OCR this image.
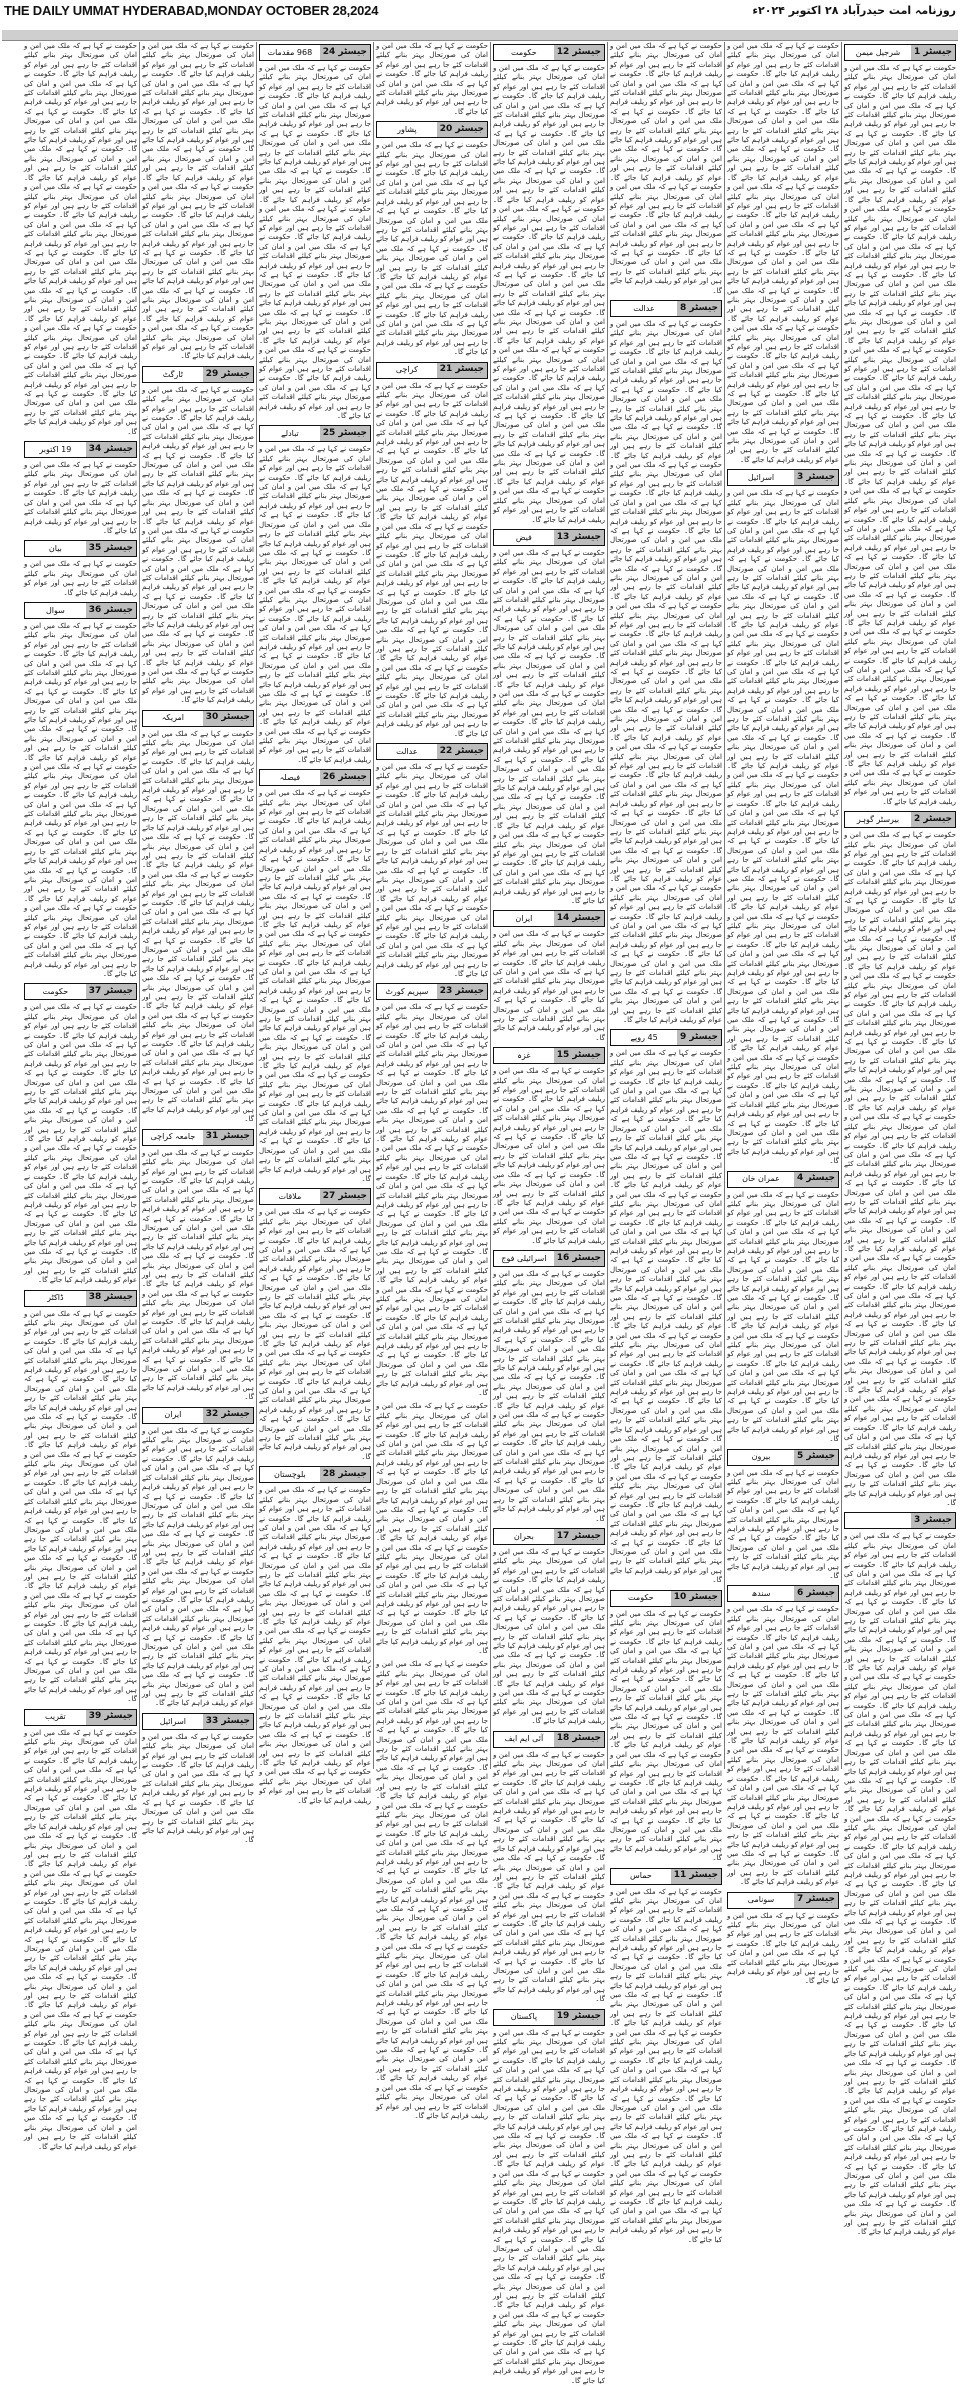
THE DAILY UMMAT HYDERABAD,MONDAY OCTOBER 28,2024	روزنامہ امت حیدرآباد ۲۸ اکتوبر ۲۰۲۴ء
جیسٹر 1
شرجیل میمن
حکومت نے کہا ہے کہ ملک میں امن و امان کی صورتحال بہتر بنانے کیلئے اقدامات کئے جا رہے ہیں اور عوام کو ریلیف فراہم کیا جائے گا۔ حکومت نے کہا ہے کہ ملک میں امن و امان کی صورتحال بہتر بنانے کیلئے اقدامات کئے جا رہے ہیں اور عوام کو ریلیف فراہم کیا جائے گا۔ حکومت نے کہا ہے کہ ملک میں امن و امان کی صورتحال بہتر بنانے کیلئے اقدامات کئے جا رہے ہیں اور عوام کو ریلیف فراہم کیا جائے گا۔ حکومت نے کہا ہے کہ ملک میں امن و امان کی صورتحال بہتر بنانے کیلئے اقدامات کئے جا رہے ہیں اور عوام کو ریلیف فراہم کیا جائے گا۔ حکومت نے کہا ہے کہ ملک میں امن و امان کی صورتحال بہتر بنانے کیلئے اقدامات کئے جا رہے ہیں اور عوام کو ریلیف فراہم کیا جائے گا۔ حکومت نے کہا ہے کہ ملک میں امن و امان کی صورتحال بہتر بنانے کیلئے اقدامات کئے جا رہے ہیں اور عوام کو ریلیف فراہم کیا جائے گا۔ حکومت نے کہا ہے کہ ملک میں امن و امان کی صورتحال بہتر بنانے کیلئے اقدامات کئے جا رہے ہیں اور عوام کو ریلیف فراہم کیا جائے گا۔ حکومت نے کہا ہے کہ ملک میں امن و امان کی صورتحال بہتر بنانے کیلئے اقدامات کئے جا رہے ہیں اور عوام کو ریلیف فراہم کیا جائے گا۔ حکومت نے کہا ہے کہ ملک میں امن و امان کی صورتحال بہتر بنانے کیلئے اقدامات کئے جا رہے ہیں اور عوام کو ریلیف فراہم کیا جائے گا۔ حکومت نے کہا ہے کہ ملک میں امن و امان کی صورتحال بہتر بنانے کیلئے اقدامات کئے جا رہے ہیں اور عوام کو ریلیف فراہم کیا جائے گا۔ حکومت نے کہا ہے کہ ملک میں امن و امان کی صورتحال بہتر بنانے کیلئے اقدامات کئے جا رہے ہیں اور عوام کو ریلیف فراہم کیا جائے گا۔ حکومت نے کہا ہے کہ ملک میں امن و امان کی صورتحال بہتر بنانے کیلئے اقدامات کئے جا رہے ہیں اور عوام کو ریلیف فراہم کیا جائے گا۔ حکومت نے کہا ہے کہ ملک میں امن و امان کی صورتحال بہتر بنانے کیلئے اقدامات کئے جا رہے ہیں اور عوام کو ریلیف فراہم کیا جائے گا۔ حکومت نے کہا ہے کہ ملک میں امن و امان کی صورتحال بہتر بنانے کیلئے اقدامات کئے جا رہے ہیں اور عوام کو ریلیف فراہم کیا جائے گا۔ حکومت نے کہا ہے کہ ملک میں امن و امان کی صورتحال بہتر بنانے کیلئے اقدامات کئے جا رہے ہیں اور عوام کو ریلیف فراہم کیا جائے گا۔ حکومت نے کہا ہے کہ ملک میں امن و امان کی صورتحال بہتر بنانے کیلئے اقدامات کئے جا رہے ہیں اور عوام کو ریلیف فراہم کیا جائے گا۔ حکومت نے کہا ہے کہ ملک میں امن و امان کی صورتحال بہتر بنانے کیلئے اقدامات کئے جا رہے ہیں اور عوام کو ریلیف فراہم کیا جائے گا۔ حکومت نے کہا ہے کہ ملک میں امن و امان کی صورتحال بہتر بنانے کیلئے اقدامات کئے جا رہے ہیں اور عوام کو ریلیف فراہم کیا جائے گا۔ حکومت نے کہا ہے کہ ملک میں امن و امان کی صورتحال بہتر بنانے کیلئے اقدامات کئے جا رہے ہیں اور عوام کو ریلیف فراہم کیا جائے گا۔ حکومت نے کہا ہے کہ ملک میں امن و امان کی صورتحال بہتر بنانے کیلئے اقدامات کئے جا رہے ہیں اور عوام کو ریلیف فراہم کیا جائے گا۔ حکومت نے کہا ہے کہ ملک میں امن و امان کی صورتحال بہتر بنانے کیلئے اقدامات کئے جا رہے ہیں اور عوام کو ریلیف فراہم کیا جائے گا۔
جیسٹر 2
بیرسٹر گوہر
حکومت نے کہا ہے کہ ملک میں امن و امان کی صورتحال بہتر بنانے کیلئے اقدامات کئے جا رہے ہیں اور عوام کو ریلیف فراہم کیا جائے گا۔ حکومت نے کہا ہے کہ ملک میں امن و امان کی صورتحال بہتر بنانے کیلئے اقدامات کئے جا رہے ہیں اور عوام کو ریلیف فراہم کیا جائے گا۔ حکومت نے کہا ہے کہ ملک میں امن و امان کی صورتحال بہتر بنانے کیلئے اقدامات کئے جا رہے ہیں اور عوام کو ریلیف فراہم کیا جائے گا۔ حکومت نے کہا ہے کہ ملک میں امن و امان کی صورتحال بہتر بنانے کیلئے اقدامات کئے جا رہے ہیں اور عوام کو ریلیف فراہم کیا جائے گا۔ حکومت نے کہا ہے کہ ملک میں امن و امان کی صورتحال بہتر بنانے کیلئے اقدامات کئے جا رہے ہیں اور عوام کو ریلیف فراہم کیا جائے گا۔ حکومت نے کہا ہے کہ ملک میں امن و امان کی صورتحال بہتر بنانے کیلئے اقدامات کئے جا رہے ہیں اور عوام کو ریلیف فراہم کیا جائے گا۔ حکومت نے کہا ہے کہ ملک میں امن و امان کی صورتحال بہتر بنانے کیلئے اقدامات کئے جا رہے ہیں اور عوام کو ریلیف فراہم کیا جائے گا۔ حکومت نے کہا ہے کہ ملک میں امن و امان کی صورتحال بہتر بنانے کیلئے اقدامات کئے جا رہے ہیں اور عوام کو ریلیف فراہم کیا جائے گا۔ حکومت نے کہا ہے کہ ملک میں امن و امان کی صورتحال بہتر بنانے کیلئے اقدامات کئے جا رہے ہیں اور عوام کو ریلیف فراہم کیا جائے گا۔ حکومت نے کہا ہے کہ ملک میں امن و امان کی صورتحال بہتر بنانے کیلئے اقدامات کئے جا رہے ہیں اور عوام کو ریلیف فراہم کیا جائے گا۔ حکومت نے کہا ہے کہ ملک میں امن و امان کی صورتحال بہتر بنانے کیلئے اقدامات کئے جا رہے ہیں اور عوام کو ریلیف فراہم کیا جائے گا۔ حکومت نے کہا ہے کہ ملک میں امن و امان کی صورتحال بہتر بنانے کیلئے اقدامات کئے جا رہے ہیں اور عوام کو ریلیف فراہم کیا جائے گا۔ حکومت نے کہا ہے کہ ملک میں امن و امان کی صورتحال بہتر بنانے کیلئے اقدامات کئے جا رہے ہیں اور عوام کو ریلیف فراہم کیا جائے گا۔ حکومت نے کہا ہے کہ ملک میں امن و امان کی صورتحال بہتر بنانے کیلئے اقدامات کئے جا رہے ہیں اور عوام کو ریلیف فراہم کیا جائے گا۔ حکومت نے کہا ہے کہ ملک میں امن و امان کی صورتحال بہتر بنانے کیلئے اقدامات کئے جا رہے ہیں اور عوام کو ریلیف فراہم کیا جائے گا۔ حکومت نے کہا ہے کہ ملک میں امن و امان کی صورتحال بہتر بنانے کیلئے اقدامات کئے جا رہے ہیں اور عوام کو ریلیف فراہم کیا جائے گا۔ حکومت نے کہا ہے کہ ملک میں امن و امان کی صورتحال بہتر بنانے کیلئے اقدامات کئے جا رہے ہیں اور عوام کو ریلیف فراہم کیا جائے گا۔ حکومت نے کہا ہے کہ ملک میں امن و امان کی صورتحال بہتر بنانے کیلئے اقدامات کئے جا رہے ہیں اور عوام کو ریلیف فراہم کیا جائے گا۔ حکومت نے کہا ہے کہ ملک میں امن و امان کی صورتحال بہتر بنانے کیلئے اقدامات کئے جا رہے ہیں اور عوام کو ریلیف فراہم کیا جائے گا۔
جیسٹر 3
حکومت نے کہا ہے کہ ملک میں امن و امان کی صورتحال بہتر بنانے کیلئے اقدامات کئے جا رہے ہیں اور عوام کو ریلیف فراہم کیا جائے گا۔ حکومت نے کہا ہے کہ ملک میں امن و امان کی صورتحال بہتر بنانے کیلئے اقدامات کئے جا رہے ہیں اور عوام کو ریلیف فراہم کیا جائے گا۔ حکومت نے کہا ہے کہ ملک میں امن و امان کی صورتحال بہتر بنانے کیلئے اقدامات کئے جا رہے ہیں اور عوام کو ریلیف فراہم کیا جائے گا۔ حکومت نے کہا ہے کہ ملک میں امن و امان کی صورتحال بہتر بنانے کیلئے اقدامات کئے جا رہے ہیں اور عوام کو ریلیف فراہم کیا جائے گا۔ حکومت نے کہا ہے کہ ملک میں امن و امان کی صورتحال بہتر بنانے کیلئے اقدامات کئے جا رہے ہیں اور عوام کو ریلیف فراہم کیا جائے گا۔ حکومت نے کہا ہے کہ ملک میں امن و امان کی صورتحال بہتر بنانے کیلئے اقدامات کئے جا رہے ہیں اور عوام کو ریلیف فراہم کیا جائے گا۔ حکومت نے کہا ہے کہ ملک میں امن و امان کی صورتحال بہتر بنانے کیلئے اقدامات کئے جا رہے ہیں اور عوام کو ریلیف فراہم کیا جائے گا۔ حکومت نے کہا ہے کہ ملک میں امن و امان کی صورتحال بہتر بنانے کیلئے اقدامات کئے جا رہے ہیں اور عوام کو ریلیف فراہم کیا جائے گا۔ حکومت نے کہا ہے کہ ملک میں امن و امان کی صورتحال بہتر بنانے کیلئے اقدامات کئے جا رہے ہیں اور عوام کو ریلیف فراہم کیا جائے گا۔ حکومت نے کہا ہے کہ ملک میں امن و امان کی صورتحال بہتر بنانے کیلئے اقدامات کئے جا رہے ہیں اور عوام کو ریلیف فراہم کیا جائے گا۔ حکومت نے کہا ہے کہ ملک میں امن و امان کی صورتحال بہتر بنانے کیلئے اقدامات کئے جا رہے ہیں اور عوام کو ریلیف فراہم کیا جائے گا۔ حکومت نے کہا ہے کہ ملک میں امن و امان کی صورتحال بہتر بنانے کیلئے اقدامات کئے جا رہے ہیں اور عوام کو ریلیف فراہم کیا جائے گا۔ حکومت نے کہا ہے کہ ملک میں امن و امان کی صورتحال بہتر بنانے کیلئے اقدامات کئے جا رہے ہیں اور عوام کو ریلیف فراہم کیا جائے گا۔ حکومت نے کہا ہے کہ ملک میں امن و امان کی صورتحال بہتر بنانے کیلئے اقدامات کئے جا رہے ہیں اور عوام کو ریلیف فراہم کیا جائے گا۔ حکومت نے کہا ہے کہ ملک میں امن و امان کی صورتحال بہتر بنانے کیلئے اقدامات کئے جا رہے ہیں اور عوام کو ریلیف فراہم کیا جائے گا۔ حکومت نے کہا ہے کہ ملک میں امن و امان کی صورتحال بہتر بنانے کیلئے اقدامات کئے جا رہے ہیں اور عوام کو ریلیف فراہم کیا جائے گا۔ حکومت نے کہا ہے کہ ملک میں امن و امان کی صورتحال بہتر بنانے کیلئے اقدامات کئے جا رہے ہیں اور عوام کو ریلیف فراہم کیا جائے گا۔ حکومت نے کہا ہے کہ ملک میں امن و امان کی صورتحال بہتر بنانے کیلئے اقدامات کئے جا رہے ہیں اور عوام کو ریلیف فراہم کیا جائے گا۔ حکومت نے کہا ہے کہ ملک میں امن و امان کی صورتحال بہتر بنانے کیلئے اقدامات کئے جا رہے ہیں اور عوام کو ریلیف فراہم کیا جائے گا۔ حکومت نے کہا ہے کہ ملک میں امن و امان کی صورتحال بہتر بنانے کیلئے اقدامات کئے جا رہے ہیں اور عوام کو ریلیف فراہم کیا جائے گا۔
حکومت نے کہا ہے کہ ملک میں امن و امان کی صورتحال بہتر بنانے کیلئے اقدامات کئے جا رہے ہیں اور عوام کو ریلیف فراہم کیا جائے گا۔ حکومت نے کہا ہے کہ ملک میں امن و امان کی صورتحال بہتر بنانے کیلئے اقدامات کئے جا رہے ہیں اور عوام کو ریلیف فراہم کیا جائے گا۔ حکومت نے کہا ہے کہ ملک میں امن و امان کی صورتحال بہتر بنانے کیلئے اقدامات کئے جا رہے ہیں اور عوام کو ریلیف فراہم کیا جائے گا۔ حکومت نے کہا ہے کہ ملک میں امن و امان کی صورتحال بہتر بنانے کیلئے اقدامات کئے جا رہے ہیں اور عوام کو ریلیف فراہم کیا جائے گا۔ حکومت نے کہا ہے کہ ملک میں امن و امان کی صورتحال بہتر بنانے کیلئے اقدامات کئے جا رہے ہیں اور عوام کو ریلیف فراہم کیا جائے گا۔ حکومت نے کہا ہے کہ ملک میں امن و امان کی صورتحال بہتر بنانے کیلئے اقدامات کئے جا رہے ہیں اور عوام کو ریلیف فراہم کیا جائے گا۔ حکومت نے کہا ہے کہ ملک میں امن و امان کی صورتحال بہتر بنانے کیلئے اقدامات کئے جا رہے ہیں اور عوام کو ریلیف فراہم کیا جائے گا۔ حکومت نے کہا ہے کہ ملک میں امن و امان کی صورتحال بہتر بنانے کیلئے اقدامات کئے جا رہے ہیں اور عوام کو ریلیف فراہم کیا جائے گا۔ حکومت نے کہا ہے کہ ملک میں امن و امان کی صورتحال بہتر بنانے کیلئے اقدامات کئے جا رہے ہیں اور عوام کو ریلیف فراہم کیا جائے گا۔ حکومت نے کہا ہے کہ ملک میں امن و امان کی صورتحال بہتر بنانے کیلئے اقدامات کئے جا رہے ہیں اور عوام کو ریلیف فراہم کیا جائے گا۔ حکومت نے کہا ہے کہ ملک میں امن و امان کی صورتحال بہتر بنانے کیلئے اقدامات کئے جا رہے ہیں اور عوام کو ریلیف فراہم کیا جائے گا۔ حکومت نے کہا ہے کہ ملک میں امن و امان کی صورتحال بہتر بنانے کیلئے اقدامات کئے جا رہے ہیں اور عوام کو ریلیف فراہم کیا جائے گا۔
جیسٹر 3
اسرائیل
حکومت نے کہا ہے کہ ملک میں امن و امان کی صورتحال بہتر بنانے کیلئے اقدامات کئے جا رہے ہیں اور عوام کو ریلیف فراہم کیا جائے گا۔ حکومت نے کہا ہے کہ ملک میں امن و امان کی صورتحال بہتر بنانے کیلئے اقدامات کئے جا رہے ہیں اور عوام کو ریلیف فراہم کیا جائے گا۔ حکومت نے کہا ہے کہ ملک میں امن و امان کی صورتحال بہتر بنانے کیلئے اقدامات کئے جا رہے ہیں اور عوام کو ریلیف فراہم کیا جائے گا۔ حکومت نے کہا ہے کہ ملک میں امن و امان کی صورتحال بہتر بنانے کیلئے اقدامات کئے جا رہے ہیں اور عوام کو ریلیف فراہم کیا جائے گا۔ حکومت نے کہا ہے کہ ملک میں امن و امان کی صورتحال بہتر بنانے کیلئے اقدامات کئے جا رہے ہیں اور عوام کو ریلیف فراہم کیا جائے گا۔ حکومت نے کہا ہے کہ ملک میں امن و امان کی صورتحال بہتر بنانے کیلئے اقدامات کئے جا رہے ہیں اور عوام کو ریلیف فراہم کیا جائے گا۔ حکومت نے کہا ہے کہ ملک میں امن و امان کی صورتحال بہتر بنانے کیلئے اقدامات کئے جا رہے ہیں اور عوام کو ریلیف فراہم کیا جائے گا۔ حکومت نے کہا ہے کہ ملک میں امن و امان کی صورتحال بہتر بنانے کیلئے اقدامات کئے جا رہے ہیں اور عوام کو ریلیف فراہم کیا جائے گا۔ حکومت نے کہا ہے کہ ملک میں امن و امان کی صورتحال بہتر بنانے کیلئے اقدامات کئے جا رہے ہیں اور عوام کو ریلیف فراہم کیا جائے گا۔ حکومت نے کہا ہے کہ ملک میں امن و امان کی صورتحال بہتر بنانے کیلئے اقدامات کئے جا رہے ہیں اور عوام کو ریلیف فراہم کیا جائے گا۔ حکومت نے کہا ہے کہ ملک میں امن و امان کی صورتحال بہتر بنانے کیلئے اقدامات کئے جا رہے ہیں اور عوام کو ریلیف فراہم کیا جائے گا۔ حکومت نے کہا ہے کہ ملک میں امن و امان کی صورتحال بہتر بنانے کیلئے اقدامات کئے جا رہے ہیں اور عوام کو ریلیف فراہم کیا جائے گا۔ حکومت نے کہا ہے کہ ملک میں امن و امان کی صورتحال بہتر بنانے کیلئے اقدامات کئے جا رہے ہیں اور عوام کو ریلیف فراہم کیا جائے گا۔ حکومت نے کہا ہے کہ ملک میں امن و امان کی صورتحال بہتر بنانے کیلئے اقدامات کئے جا رہے ہیں اور عوام کو ریلیف فراہم کیا جائے گا۔ حکومت نے کہا ہے کہ ملک میں امن و امان کی صورتحال بہتر بنانے کیلئے اقدامات کئے جا رہے ہیں اور عوام کو ریلیف فراہم کیا جائے گا۔ حکومت نے کہا ہے کہ ملک میں امن و امان کی صورتحال بہتر بنانے کیلئے اقدامات کئے جا رہے ہیں اور عوام کو ریلیف فراہم کیا جائے گا۔ حکومت نے کہا ہے کہ ملک میں امن و امان کی صورتحال بہتر بنانے کیلئے اقدامات کئے جا رہے ہیں اور عوام کو ریلیف فراہم کیا جائے گا۔ حکومت نے کہا ہے کہ ملک میں امن و امان کی صورتحال بہتر بنانے کیلئے اقدامات کئے جا رہے ہیں اور عوام کو ریلیف فراہم کیا جائے گا۔ حکومت نے کہا ہے کہ ملک میں امن و امان کی صورتحال بہتر بنانے کیلئے اقدامات کئے جا رہے ہیں اور عوام کو ریلیف فراہم کیا جائے گا۔
جیسٹر 4
عمران خان
حکومت نے کہا ہے کہ ملک میں امن و امان کی صورتحال بہتر بنانے کیلئے اقدامات کئے جا رہے ہیں اور عوام کو ریلیف فراہم کیا جائے گا۔ حکومت نے کہا ہے کہ ملک میں امن و امان کی صورتحال بہتر بنانے کیلئے اقدامات کئے جا رہے ہیں اور عوام کو ریلیف فراہم کیا جائے گا۔ حکومت نے کہا ہے کہ ملک میں امن و امان کی صورتحال بہتر بنانے کیلئے اقدامات کئے جا رہے ہیں اور عوام کو ریلیف فراہم کیا جائے گا۔ حکومت نے کہا ہے کہ ملک میں امن و امان کی صورتحال بہتر بنانے کیلئے اقدامات کئے جا رہے ہیں اور عوام کو ریلیف فراہم کیا جائے گا۔ حکومت نے کہا ہے کہ ملک میں امن و امان کی صورتحال بہتر بنانے کیلئے اقدامات کئے جا رہے ہیں اور عوام کو ریلیف فراہم کیا جائے گا۔ حکومت نے کہا ہے کہ ملک میں امن و امان کی صورتحال بہتر بنانے کیلئے اقدامات کئے جا رہے ہیں اور عوام کو ریلیف فراہم کیا جائے گا۔ حکومت نے کہا ہے کہ ملک میں امن و امان کی صورتحال بہتر بنانے کیلئے اقدامات کئے جا رہے ہیں اور عوام کو ریلیف فراہم کیا جائے گا۔
جیسٹر 5
بیرون
حکومت نے کہا ہے کہ ملک میں امن و امان کی صورتحال بہتر بنانے کیلئے اقدامات کئے جا رہے ہیں اور عوام کو ریلیف فراہم کیا جائے گا۔ حکومت نے کہا ہے کہ ملک میں امن و امان کی صورتحال بہتر بنانے کیلئے اقدامات کئے جا رہے ہیں اور عوام کو ریلیف فراہم کیا جائے گا۔ حکومت نے کہا ہے کہ ملک میں امن و امان کی صورتحال بہتر بنانے کیلئے اقدامات کئے جا رہے ہیں اور عوام کو ریلیف فراہم کیا جائے گا۔
جیسٹر 6
سندھ
حکومت نے کہا ہے کہ ملک میں امن و امان کی صورتحال بہتر بنانے کیلئے اقدامات کئے جا رہے ہیں اور عوام کو ریلیف فراہم کیا جائے گا۔ حکومت نے کہا ہے کہ ملک میں امن و امان کی صورتحال بہتر بنانے کیلئے اقدامات کئے جا رہے ہیں اور عوام کو ریلیف فراہم کیا جائے گا۔ حکومت نے کہا ہے کہ ملک میں امن و امان کی صورتحال بہتر بنانے کیلئے اقدامات کئے جا رہے ہیں اور عوام کو ریلیف فراہم کیا جائے گا۔ حکومت نے کہا ہے کہ ملک میں امن و امان کی صورتحال بہتر بنانے کیلئے اقدامات کئے جا رہے ہیں اور عوام کو ریلیف فراہم کیا جائے گا۔ حکومت نے کہا ہے کہ ملک میں امن و امان کی صورتحال بہتر بنانے کیلئے اقدامات کئے جا رہے ہیں اور عوام کو ریلیف فراہم کیا جائے گا۔ حکومت نے کہا ہے کہ ملک میں امن و امان کی صورتحال بہتر بنانے کیلئے اقدامات کئے جا رہے ہیں اور عوام کو ریلیف فراہم کیا جائے گا۔ حکومت نے کہا ہے کہ ملک میں امن و امان کی صورتحال بہتر بنانے کیلئے اقدامات کئے جا رہے ہیں اور عوام کو ریلیف فراہم کیا جائے گا۔ حکومت نے کہا ہے کہ ملک میں امن و امان کی صورتحال بہتر بنانے کیلئے اقدامات کئے جا رہے ہیں اور عوام کو ریلیف فراہم کیا جائے گا۔
جیسٹر 7
سونامی
حکومت نے کہا ہے کہ ملک میں امن و امان کی صورتحال بہتر بنانے کیلئے اقدامات کئے جا رہے ہیں اور عوام کو ریلیف فراہم کیا جائے گا۔ حکومت نے کہا ہے کہ ملک میں امن و امان کی صورتحال بہتر بنانے کیلئے اقدامات کئے جا رہے ہیں اور عوام کو ریلیف فراہم کیا جائے گا۔
حکومت نے کہا ہے کہ ملک میں امن و امان کی صورتحال بہتر بنانے کیلئے اقدامات کئے جا رہے ہیں اور عوام کو ریلیف فراہم کیا جائے گا۔ حکومت نے کہا ہے کہ ملک میں امن و امان کی صورتحال بہتر بنانے کیلئے اقدامات کئے جا رہے ہیں اور عوام کو ریلیف فراہم کیا جائے گا۔ حکومت نے کہا ہے کہ ملک میں امن و امان کی صورتحال بہتر بنانے کیلئے اقدامات کئے جا رہے ہیں اور عوام کو ریلیف فراہم کیا جائے گا۔ حکومت نے کہا ہے کہ ملک میں امن و امان کی صورتحال بہتر بنانے کیلئے اقدامات کئے جا رہے ہیں اور عوام کو ریلیف فراہم کیا جائے گا۔ حکومت نے کہا ہے کہ ملک میں امن و امان کی صورتحال بہتر بنانے کیلئے اقدامات کئے جا رہے ہیں اور عوام کو ریلیف فراہم کیا جائے گا۔ حکومت نے کہا ہے کہ ملک میں امن و امان کی صورتحال بہتر بنانے کیلئے اقدامات کئے جا رہے ہیں اور عوام کو ریلیف فراہم کیا جائے گا۔ حکومت نے کہا ہے کہ ملک میں امن و امان کی صورتحال بہتر بنانے کیلئے اقدامات کئے جا رہے ہیں اور عوام کو ریلیف فراہم کیا جائے گا۔
جیسٹر 8
عدالت
حکومت نے کہا ہے کہ ملک میں امن و امان کی صورتحال بہتر بنانے کیلئے اقدامات کئے جا رہے ہیں اور عوام کو ریلیف فراہم کیا جائے گا۔ حکومت نے کہا ہے کہ ملک میں امن و امان کی صورتحال بہتر بنانے کیلئے اقدامات کئے جا رہے ہیں اور عوام کو ریلیف فراہم کیا جائے گا۔ حکومت نے کہا ہے کہ ملک میں امن و امان کی صورتحال بہتر بنانے کیلئے اقدامات کئے جا رہے ہیں اور عوام کو ریلیف فراہم کیا جائے گا۔ حکومت نے کہا ہے کہ ملک میں امن و امان کی صورتحال بہتر بنانے کیلئے اقدامات کئے جا رہے ہیں اور عوام کو ریلیف فراہم کیا جائے گا۔ حکومت نے کہا ہے کہ ملک میں امن و امان کی صورتحال بہتر بنانے کیلئے اقدامات کئے جا رہے ہیں اور عوام کو ریلیف فراہم کیا جائے گا۔ حکومت نے کہا ہے کہ ملک میں امن و امان کی صورتحال بہتر بنانے کیلئے اقدامات کئے جا رہے ہیں اور عوام کو ریلیف فراہم کیا جائے گا۔ حکومت نے کہا ہے کہ ملک میں امن و امان کی صورتحال بہتر بنانے کیلئے اقدامات کئے جا رہے ہیں اور عوام کو ریلیف فراہم کیا جائے گا۔ حکومت نے کہا ہے کہ ملک میں امن و امان کی صورتحال بہتر بنانے کیلئے اقدامات کئے جا رہے ہیں اور عوام کو ریلیف فراہم کیا جائے گا۔ حکومت نے کہا ہے کہ ملک میں امن و امان کی صورتحال بہتر بنانے کیلئے اقدامات کئے جا رہے ہیں اور عوام کو ریلیف فراہم کیا جائے گا۔ حکومت نے کہا ہے کہ ملک میں امن و امان کی صورتحال بہتر بنانے کیلئے اقدامات کئے جا رہے ہیں اور عوام کو ریلیف فراہم کیا جائے گا۔ حکومت نے کہا ہے کہ ملک میں امن و امان کی صورتحال بہتر بنانے کیلئے اقدامات کئے جا رہے ہیں اور عوام کو ریلیف فراہم کیا جائے گا۔ حکومت نے کہا ہے کہ ملک میں امن و امان کی صورتحال بہتر بنانے کیلئے اقدامات کئے جا رہے ہیں اور عوام کو ریلیف فراہم کیا جائے گا۔ حکومت نے کہا ہے کہ ملک میں امن و امان کی صورتحال بہتر بنانے کیلئے اقدامات کئے جا رہے ہیں اور عوام کو ریلیف فراہم کیا جائے گا۔ حکومت نے کہا ہے کہ ملک میں امن و امان کی صورتحال بہتر بنانے کیلئے اقدامات کئے جا رہے ہیں اور عوام کو ریلیف فراہم کیا جائے گا۔ حکومت نے کہا ہے کہ ملک میں امن و امان کی صورتحال بہتر بنانے کیلئے اقدامات کئے جا رہے ہیں اور عوام کو ریلیف فراہم کیا جائے گا۔ حکومت نے کہا ہے کہ ملک میں امن و امان کی صورتحال بہتر بنانے کیلئے اقدامات کئے جا رہے ہیں اور عوام کو ریلیف فراہم کیا جائے گا۔ حکومت نے کہا ہے کہ ملک میں امن و امان کی صورتحال بہتر بنانے کیلئے اقدامات کئے جا رہے ہیں اور عوام کو ریلیف فراہم کیا جائے گا۔ حکومت نے کہا ہے کہ ملک میں امن و امان کی صورتحال بہتر بنانے کیلئے اقدامات کئے جا رہے ہیں اور عوام کو ریلیف فراہم کیا جائے گا۔ حکومت نے کہا ہے کہ ملک میں امن و امان کی صورتحال بہتر بنانے کیلئے اقدامات کئے جا رہے ہیں اور عوام کو ریلیف فراہم کیا جائے گا۔ حکومت نے کہا ہے کہ ملک میں امن و امان کی صورتحال بہتر بنانے کیلئے اقدامات کئے جا رہے ہیں اور عوام کو ریلیف فراہم کیا جائے گا۔
جیسٹر 9
45 روپے
حکومت نے کہا ہے کہ ملک میں امن و امان کی صورتحال بہتر بنانے کیلئے اقدامات کئے جا رہے ہیں اور عوام کو ریلیف فراہم کیا جائے گا۔ حکومت نے کہا ہے کہ ملک میں امن و امان کی صورتحال بہتر بنانے کیلئے اقدامات کئے جا رہے ہیں اور عوام کو ریلیف فراہم کیا جائے گا۔ حکومت نے کہا ہے کہ ملک میں امن و امان کی صورتحال بہتر بنانے کیلئے اقدامات کئے جا رہے ہیں اور عوام کو ریلیف فراہم کیا جائے گا۔ حکومت نے کہا ہے کہ ملک میں امن و امان کی صورتحال بہتر بنانے کیلئے اقدامات کئے جا رہے ہیں اور عوام کو ریلیف فراہم کیا جائے گا۔ حکومت نے کہا ہے کہ ملک میں امن و امان کی صورتحال بہتر بنانے کیلئے اقدامات کئے جا رہے ہیں اور عوام کو ریلیف فراہم کیا جائے گا۔ حکومت نے کہا ہے کہ ملک میں امن و امان کی صورتحال بہتر بنانے کیلئے اقدامات کئے جا رہے ہیں اور عوام کو ریلیف فراہم کیا جائے گا۔ حکومت نے کہا ہے کہ ملک میں امن و امان کی صورتحال بہتر بنانے کیلئے اقدامات کئے جا رہے ہیں اور عوام کو ریلیف فراہم کیا جائے گا۔ حکومت نے کہا ہے کہ ملک میں امن و امان کی صورتحال بہتر بنانے کیلئے اقدامات کئے جا رہے ہیں اور عوام کو ریلیف فراہم کیا جائے گا۔ حکومت نے کہا ہے کہ ملک میں امن و امان کی صورتحال بہتر بنانے کیلئے اقدامات کئے جا رہے ہیں اور عوام کو ریلیف فراہم کیا جائے گا۔ حکومت نے کہا ہے کہ ملک میں امن و امان کی صورتحال بہتر بنانے کیلئے اقدامات کئے جا رہے ہیں اور عوام کو ریلیف فراہم کیا جائے گا۔ حکومت نے کہا ہے کہ ملک میں امن و امان کی صورتحال بہتر بنانے کیلئے اقدامات کئے جا رہے ہیں اور عوام کو ریلیف فراہم کیا جائے گا۔ حکومت نے کہا ہے کہ ملک میں امن و امان کی صورتحال بہتر بنانے کیلئے اقدامات کئے جا رہے ہیں اور عوام کو ریلیف فراہم کیا جائے گا۔ حکومت نے کہا ہے کہ ملک میں امن و امان کی صورتحال بہتر بنانے کیلئے اقدامات کئے جا رہے ہیں اور عوام کو ریلیف فراہم کیا جائے گا۔ حکومت نے کہا ہے کہ ملک میں امن و امان کی صورتحال بہتر بنانے کیلئے اقدامات کئے جا رہے ہیں اور عوام کو ریلیف فراہم کیا جائے گا۔ حکومت نے کہا ہے کہ ملک میں امن و امان کی صورتحال بہتر بنانے کیلئے اقدامات کئے جا رہے ہیں اور عوام کو ریلیف فراہم کیا جائے گا۔
جیسٹر 10
حکومت
حکومت نے کہا ہے کہ ملک میں امن و امان کی صورتحال بہتر بنانے کیلئے اقدامات کئے جا رہے ہیں اور عوام کو ریلیف فراہم کیا جائے گا۔ حکومت نے کہا ہے کہ ملک میں امن و امان کی صورتحال بہتر بنانے کیلئے اقدامات کئے جا رہے ہیں اور عوام کو ریلیف فراہم کیا جائے گا۔ حکومت نے کہا ہے کہ ملک میں امن و امان کی صورتحال بہتر بنانے کیلئے اقدامات کئے جا رہے ہیں اور عوام کو ریلیف فراہم کیا جائے گا۔ حکومت نے کہا ہے کہ ملک میں امن و امان کی صورتحال بہتر بنانے کیلئے اقدامات کئے جا رہے ہیں اور عوام کو ریلیف فراہم کیا جائے گا۔ حکومت نے کہا ہے کہ ملک میں امن و امان کی صورتحال بہتر بنانے کیلئے اقدامات کئے جا رہے ہیں اور عوام کو ریلیف فراہم کیا جائے گا۔ حکومت نے کہا ہے کہ ملک میں امن و امان کی صورتحال بہتر بنانے کیلئے اقدامات کئے جا رہے ہیں اور عوام کو ریلیف فراہم کیا جائے گا۔ حکومت نے کہا ہے کہ ملک میں امن و امان کی صورتحال بہتر بنانے کیلئے اقدامات کئے جا رہے ہیں اور عوام کو ریلیف فراہم کیا جائے گا۔
جیسٹر 11
حماس
حکومت نے کہا ہے کہ ملک میں امن و امان کی صورتحال بہتر بنانے کیلئے اقدامات کئے جا رہے ہیں اور عوام کو ریلیف فراہم کیا جائے گا۔ حکومت نے کہا ہے کہ ملک میں امن و امان کی صورتحال بہتر بنانے کیلئے اقدامات کئے جا رہے ہیں اور عوام کو ریلیف فراہم کیا جائے گا۔ حکومت نے کہا ہے کہ ملک میں امن و امان کی صورتحال بہتر بنانے کیلئے اقدامات کئے جا رہے ہیں اور عوام کو ریلیف فراہم کیا جائے گا۔ حکومت نے کہا ہے کہ ملک میں امن و امان کی صورتحال بہتر بنانے کیلئے اقدامات کئے جا رہے ہیں اور عوام کو ریلیف فراہم کیا جائے گا۔ حکومت نے کہا ہے کہ ملک میں امن و امان کی صورتحال بہتر بنانے کیلئے اقدامات کئے جا رہے ہیں اور عوام کو ریلیف فراہم کیا جائے گا۔ حکومت نے کہا ہے کہ ملک میں امن و امان کی صورتحال بہتر بنانے کیلئے اقدامات کئے جا رہے ہیں اور عوام کو ریلیف فراہم کیا جائے گا۔ حکومت نے کہا ہے کہ ملک میں امن و امان کی صورتحال بہتر بنانے کیلئے اقدامات کئے جا رہے ہیں اور عوام کو ریلیف فراہم کیا جائے گا۔ حکومت نے کہا ہے کہ ملک میں امن و امان کی صورتحال بہتر بنانے کیلئے اقدامات کئے جا رہے ہیں اور عوام کو ریلیف فراہم کیا جائے گا۔ حکومت نے کہا ہے کہ ملک میں امن و امان کی صورتحال بہتر بنانے کیلئے اقدامات کئے جا رہے ہیں اور عوام کو ریلیف فراہم کیا جائے گا۔ حکومت نے کہا ہے کہ ملک میں امن و امان کی صورتحال بہتر بنانے کیلئے اقدامات کئے جا رہے ہیں اور عوام کو ریلیف فراہم کیا جائے گا۔
جیسٹر 12
حکومت
حکومت نے کہا ہے کہ ملک میں امن و امان کی صورتحال بہتر بنانے کیلئے اقدامات کئے جا رہے ہیں اور عوام کو ریلیف فراہم کیا جائے گا۔ حکومت نے کہا ہے کہ ملک میں امن و امان کی صورتحال بہتر بنانے کیلئے اقدامات کئے جا رہے ہیں اور عوام کو ریلیف فراہم کیا جائے گا۔ حکومت نے کہا ہے کہ ملک میں امن و امان کی صورتحال بہتر بنانے کیلئے اقدامات کئے جا رہے ہیں اور عوام کو ریلیف فراہم کیا جائے گا۔ حکومت نے کہا ہے کہ ملک میں امن و امان کی صورتحال بہتر بنانے کیلئے اقدامات کئے جا رہے ہیں اور عوام کو ریلیف فراہم کیا جائے گا۔ حکومت نے کہا ہے کہ ملک میں امن و امان کی صورتحال بہتر بنانے کیلئے اقدامات کئے جا رہے ہیں اور عوام کو ریلیف فراہم کیا جائے گا۔ حکومت نے کہا ہے کہ ملک میں امن و امان کی صورتحال بہتر بنانے کیلئے اقدامات کئے جا رہے ہیں اور عوام کو ریلیف فراہم کیا جائے گا۔ حکومت نے کہا ہے کہ ملک میں امن و امان کی صورتحال بہتر بنانے کیلئے اقدامات کئے جا رہے ہیں اور عوام کو ریلیف فراہم کیا جائے گا۔ حکومت نے کہا ہے کہ ملک میں امن و امان کی صورتحال بہتر بنانے کیلئے اقدامات کئے جا رہے ہیں اور عوام کو ریلیف فراہم کیا جائے گا۔ حکومت نے کہا ہے کہ ملک میں امن و امان کی صورتحال بہتر بنانے کیلئے اقدامات کئے جا رہے ہیں اور عوام کو ریلیف فراہم کیا جائے گا۔ حکومت نے کہا ہے کہ ملک میں امن و امان کی صورتحال بہتر بنانے کیلئے اقدامات کئے جا رہے ہیں اور عوام کو ریلیف فراہم کیا جائے گا۔ حکومت نے کہا ہے کہ ملک میں امن و امان کی صورتحال بہتر بنانے کیلئے اقدامات کئے جا رہے ہیں اور عوام کو ریلیف فراہم کیا جائے گا۔ حکومت نے کہا ہے کہ ملک میں امن و امان کی صورتحال بہتر بنانے کیلئے اقدامات کئے جا رہے ہیں اور عوام کو ریلیف فراہم کیا جائے گا۔ حکومت نے کہا ہے کہ ملک میں امن و امان کی صورتحال بہتر بنانے کیلئے اقدامات کئے جا رہے ہیں اور عوام کو ریلیف فراہم کیا جائے گا۔
جیسٹر 13
فیض
حکومت نے کہا ہے کہ ملک میں امن و امان کی صورتحال بہتر بنانے کیلئے اقدامات کئے جا رہے ہیں اور عوام کو ریلیف فراہم کیا جائے گا۔ حکومت نے کہا ہے کہ ملک میں امن و امان کی صورتحال بہتر بنانے کیلئے اقدامات کئے جا رہے ہیں اور عوام کو ریلیف فراہم کیا جائے گا۔ حکومت نے کہا ہے کہ ملک میں امن و امان کی صورتحال بہتر بنانے کیلئے اقدامات کئے جا رہے ہیں اور عوام کو ریلیف فراہم کیا جائے گا۔ حکومت نے کہا ہے کہ ملک میں امن و امان کی صورتحال بہتر بنانے کیلئے اقدامات کئے جا رہے ہیں اور عوام کو ریلیف فراہم کیا جائے گا۔ حکومت نے کہا ہے کہ ملک میں امن و امان کی صورتحال بہتر بنانے کیلئے اقدامات کئے جا رہے ہیں اور عوام کو ریلیف فراہم کیا جائے گا۔ حکومت نے کہا ہے کہ ملک میں امن و امان کی صورتحال بہتر بنانے کیلئے اقدامات کئے جا رہے ہیں اور عوام کو ریلیف فراہم کیا جائے گا۔ حکومت نے کہا ہے کہ ملک میں امن و امان کی صورتحال بہتر بنانے کیلئے اقدامات کئے جا رہے ہیں اور عوام کو ریلیف فراہم کیا جائے گا۔ حکومت نے کہا ہے کہ ملک میں امن و امان کی صورتحال بہتر بنانے کیلئے اقدامات کئے جا رہے ہیں اور عوام کو ریلیف فراہم کیا جائے گا۔ حکومت نے کہا ہے کہ ملک میں امن و امان کی صورتحال بہتر بنانے کیلئے اقدامات کئے جا رہے ہیں اور عوام کو ریلیف فراہم کیا جائے گا۔ حکومت نے کہا ہے کہ ملک میں امن و امان کی صورتحال بہتر بنانے کیلئے اقدامات کئے جا رہے ہیں اور عوام کو ریلیف فراہم کیا جائے گا۔
جیسٹر 14
ایران
حکومت نے کہا ہے کہ ملک میں امن و امان کی صورتحال بہتر بنانے کیلئے اقدامات کئے جا رہے ہیں اور عوام کو ریلیف فراہم کیا جائے گا۔ حکومت نے کہا ہے کہ ملک میں امن و امان کی صورتحال بہتر بنانے کیلئے اقدامات کئے جا رہے ہیں اور عوام کو ریلیف فراہم کیا جائے گا۔ حکومت نے کہا ہے کہ ملک میں امن و امان کی صورتحال بہتر بنانے کیلئے اقدامات کئے جا رہے ہیں اور عوام کو ریلیف فراہم کیا جائے گا۔
جیسٹر 15
غزہ
حکومت نے کہا ہے کہ ملک میں امن و امان کی صورتحال بہتر بنانے کیلئے اقدامات کئے جا رہے ہیں اور عوام کو ریلیف فراہم کیا جائے گا۔ حکومت نے کہا ہے کہ ملک میں امن و امان کی صورتحال بہتر بنانے کیلئے اقدامات کئے جا رہے ہیں اور عوام کو ریلیف فراہم کیا جائے گا۔ حکومت نے کہا ہے کہ ملک میں امن و امان کی صورتحال بہتر بنانے کیلئے اقدامات کئے جا رہے ہیں اور عوام کو ریلیف فراہم کیا جائے گا۔ حکومت نے کہا ہے کہ ملک میں امن و امان کی صورتحال بہتر بنانے کیلئے اقدامات کئے جا رہے ہیں اور عوام کو ریلیف فراہم کیا جائے گا۔ حکومت نے کہا ہے کہ ملک میں امن و امان کی صورتحال بہتر بنانے کیلئے اقدامات کئے جا رہے ہیں اور عوام کو ریلیف فراہم کیا جائے گا۔
جیسٹر 16
اسرائیلی فوج
حکومت نے کہا ہے کہ ملک میں امن و امان کی صورتحال بہتر بنانے کیلئے اقدامات کئے جا رہے ہیں اور عوام کو ریلیف فراہم کیا جائے گا۔ حکومت نے کہا ہے کہ ملک میں امن و امان کی صورتحال بہتر بنانے کیلئے اقدامات کئے جا رہے ہیں اور عوام کو ریلیف فراہم کیا جائے گا۔ حکومت نے کہا ہے کہ ملک میں امن و امان کی صورتحال بہتر بنانے کیلئے اقدامات کئے جا رہے ہیں اور عوام کو ریلیف فراہم کیا جائے گا۔ حکومت نے کہا ہے کہ ملک میں امن و امان کی صورتحال بہتر بنانے کیلئے اقدامات کئے جا رہے ہیں اور عوام کو ریلیف فراہم کیا جائے گا۔ حکومت نے کہا ہے کہ ملک میں امن و امان کی صورتحال بہتر بنانے کیلئے اقدامات کئے جا رہے ہیں اور عوام کو ریلیف فراہم کیا جائے گا۔ حکومت نے کہا ہے کہ ملک میں امن و امان کی صورتحال بہتر بنانے کیلئے اقدامات کئے جا رہے ہیں اور عوام کو ریلیف فراہم کیا جائے گا۔ حکومت نے کہا ہے کہ ملک میں امن و امان کی صورتحال بہتر بنانے کیلئے اقدامات کئے جا رہے ہیں اور عوام کو ریلیف فراہم کیا جائے گا۔
جیسٹر 17
بحران
حکومت نے کہا ہے کہ ملک میں امن و امان کی صورتحال بہتر بنانے کیلئے اقدامات کئے جا رہے ہیں اور عوام کو ریلیف فراہم کیا جائے گا۔ حکومت نے کہا ہے کہ ملک میں امن و امان کی صورتحال بہتر بنانے کیلئے اقدامات کئے جا رہے ہیں اور عوام کو ریلیف فراہم کیا جائے گا۔ حکومت نے کہا ہے کہ ملک میں امن و امان کی صورتحال بہتر بنانے کیلئے اقدامات کئے جا رہے ہیں اور عوام کو ریلیف فراہم کیا جائے گا۔ حکومت نے کہا ہے کہ ملک میں امن و امان کی صورتحال بہتر بنانے کیلئے اقدامات کئے جا رہے ہیں اور عوام کو ریلیف فراہم کیا جائے گا۔ حکومت نے کہا ہے کہ ملک میں امن و امان کی صورتحال بہتر بنانے کیلئے اقدامات کئے جا رہے ہیں اور عوام کو ریلیف فراہم کیا جائے گا۔
جیسٹر 18
آئی ایم ایف
حکومت نے کہا ہے کہ ملک میں امن و امان کی صورتحال بہتر بنانے کیلئے اقدامات کئے جا رہے ہیں اور عوام کو ریلیف فراہم کیا جائے گا۔ حکومت نے کہا ہے کہ ملک میں امن و امان کی صورتحال بہتر بنانے کیلئے اقدامات کئے جا رہے ہیں اور عوام کو ریلیف فراہم کیا جائے گا۔ حکومت نے کہا ہے کہ ملک میں امن و امان کی صورتحال بہتر بنانے کیلئے اقدامات کئے جا رہے ہیں اور عوام کو ریلیف فراہم کیا جائے گا۔ حکومت نے کہا ہے کہ ملک میں امن و امان کی صورتحال بہتر بنانے کیلئے اقدامات کئے جا رہے ہیں اور عوام کو ریلیف فراہم کیا جائے گا۔ حکومت نے کہا ہے کہ ملک میں امن و امان کی صورتحال بہتر بنانے کیلئے اقدامات کئے جا رہے ہیں اور عوام کو ریلیف فراہم کیا جائے گا۔ حکومت نے کہا ہے کہ ملک میں امن و امان کی صورتحال بہتر بنانے کیلئے اقدامات کئے جا رہے ہیں اور عوام کو ریلیف فراہم کیا جائے گا۔ حکومت نے کہا ہے کہ ملک میں امن و امان کی صورتحال بہتر بنانے کیلئے اقدامات کئے جا رہے ہیں اور عوام کو ریلیف فراہم کیا جائے گا۔
جیسٹر 19
پاکستان
حکومت نے کہا ہے کہ ملک میں امن و امان کی صورتحال بہتر بنانے کیلئے اقدامات کئے جا رہے ہیں اور عوام کو ریلیف فراہم کیا جائے گا۔ حکومت نے کہا ہے کہ ملک میں امن و امان کی صورتحال بہتر بنانے کیلئے اقدامات کئے جا رہے ہیں اور عوام کو ریلیف فراہم کیا جائے گا۔ حکومت نے کہا ہے کہ ملک میں امن و امان کی صورتحال بہتر بنانے کیلئے اقدامات کئے جا رہے ہیں اور عوام کو ریلیف فراہم کیا جائے گا۔ حکومت نے کہا ہے کہ ملک میں امن و امان کی صورتحال بہتر بنانے کیلئے اقدامات کئے جا رہے ہیں اور عوام کو ریلیف فراہم کیا جائے گا۔ حکومت نے کہا ہے کہ ملک میں امن و امان کی صورتحال بہتر بنانے کیلئے اقدامات کئے جا رہے ہیں اور عوام کو ریلیف فراہم کیا جائے گا۔ حکومت نے کہا ہے کہ ملک میں امن و امان کی صورتحال بہتر بنانے کیلئے اقدامات کئے جا رہے ہیں اور عوام کو ریلیف فراہم کیا جائے گا۔ حکومت نے کہا ہے کہ ملک میں امن و امان کی صورتحال بہتر بنانے کیلئے اقدامات کئے جا رہے ہیں اور عوام کو ریلیف فراہم کیا جائے گا۔ حکومت نے کہا ہے کہ ملک میں امن و امان کی صورتحال بہتر بنانے کیلئے اقدامات کئے جا رہے ہیں اور عوام کو ریلیف فراہم کیا جائے گا۔ حکومت نے کہا ہے کہ ملک میں امن و امان کی صورتحال بہتر بنانے کیلئے اقدامات کئے جا رہے ہیں اور عوام کو ریلیف فراہم کیا جائے گا۔ حکومت نے کہا ہے کہ ملک میں امن و امان کی صورتحال بہتر بنانے کیلئے اقدامات کئے جا رہے ہیں اور عوام کو ریلیف فراہم کیا جائے گا۔
حکومت نے کہا ہے کہ ملک میں امن و امان کی صورتحال بہتر بنانے کیلئے اقدامات کئے جا رہے ہیں اور عوام کو ریلیف فراہم کیا جائے گا۔ حکومت نے کہا ہے کہ ملک میں امن و امان کی صورتحال بہتر بنانے کیلئے اقدامات کئے جا رہے ہیں اور عوام کو ریلیف فراہم کیا جائے گا۔
جیسٹر 20
پشاور
حکومت نے کہا ہے کہ ملک میں امن و امان کی صورتحال بہتر بنانے کیلئے اقدامات کئے جا رہے ہیں اور عوام کو ریلیف فراہم کیا جائے گا۔ حکومت نے کہا ہے کہ ملک میں امن و امان کی صورتحال بہتر بنانے کیلئے اقدامات کئے جا رہے ہیں اور عوام کو ریلیف فراہم کیا جائے گا۔ حکومت نے کہا ہے کہ ملک میں امن و امان کی صورتحال بہتر بنانے کیلئے اقدامات کئے جا رہے ہیں اور عوام کو ریلیف فراہم کیا جائے گا۔ حکومت نے کہا ہے کہ ملک میں امن و امان کی صورتحال بہتر بنانے کیلئے اقدامات کئے جا رہے ہیں اور عوام کو ریلیف فراہم کیا جائے گا۔ حکومت نے کہا ہے کہ ملک میں امن و امان کی صورتحال بہتر بنانے کیلئے اقدامات کئے جا رہے ہیں اور عوام کو ریلیف فراہم کیا جائے گا۔ حکومت نے کہا ہے کہ ملک میں امن و امان کی صورتحال بہتر بنانے کیلئے اقدامات کئے جا رہے ہیں اور عوام کو ریلیف فراہم کیا جائے گا۔
جیسٹر 21
کراچی
حکومت نے کہا ہے کہ ملک میں امن و امان کی صورتحال بہتر بنانے کیلئے اقدامات کئے جا رہے ہیں اور عوام کو ریلیف فراہم کیا جائے گا۔ حکومت نے کہا ہے کہ ملک میں امن و امان کی صورتحال بہتر بنانے کیلئے اقدامات کئے جا رہے ہیں اور عوام کو ریلیف فراہم کیا جائے گا۔ حکومت نے کہا ہے کہ ملک میں امن و امان کی صورتحال بہتر بنانے کیلئے اقدامات کئے جا رہے ہیں اور عوام کو ریلیف فراہم کیا جائے گا۔ حکومت نے کہا ہے کہ ملک میں امن و امان کی صورتحال بہتر بنانے کیلئے اقدامات کئے جا رہے ہیں اور عوام کو ریلیف فراہم کیا جائے گا۔ حکومت نے کہا ہے کہ ملک میں امن و امان کی صورتحال بہتر بنانے کیلئے اقدامات کئے جا رہے ہیں اور عوام کو ریلیف فراہم کیا جائے گا۔ حکومت نے کہا ہے کہ ملک میں امن و امان کی صورتحال بہتر بنانے کیلئے اقدامات کئے جا رہے ہیں اور عوام کو ریلیف فراہم کیا جائے گا۔ حکومت نے کہا ہے کہ ملک میں امن و امان کی صورتحال بہتر بنانے کیلئے اقدامات کئے جا رہے ہیں اور عوام کو ریلیف فراہم کیا جائے گا۔ حکومت نے کہا ہے کہ ملک میں امن و امان کی صورتحال بہتر بنانے کیلئے اقدامات کئے جا رہے ہیں اور عوام کو ریلیف فراہم کیا جائے گا۔ حکومت نے کہا ہے کہ ملک میں امن و امان کی صورتحال بہتر بنانے کیلئے اقدامات کئے جا رہے ہیں اور عوام کو ریلیف فراہم کیا جائے گا۔ حکومت نے کہا ہے کہ ملک میں امن و امان کی صورتحال بہتر بنانے کیلئے اقدامات کئے جا رہے ہیں اور عوام کو ریلیف فراہم کیا جائے گا۔
جیسٹر 22
عدالت
حکومت نے کہا ہے کہ ملک میں امن و امان کی صورتحال بہتر بنانے کیلئے اقدامات کئے جا رہے ہیں اور عوام کو ریلیف فراہم کیا جائے گا۔ حکومت نے کہا ہے کہ ملک میں امن و امان کی صورتحال بہتر بنانے کیلئے اقدامات کئے جا رہے ہیں اور عوام کو ریلیف فراہم کیا جائے گا۔ حکومت نے کہا ہے کہ ملک میں امن و امان کی صورتحال بہتر بنانے کیلئے اقدامات کئے جا رہے ہیں اور عوام کو ریلیف فراہم کیا جائے گا۔ حکومت نے کہا ہے کہ ملک میں امن و امان کی صورتحال بہتر بنانے کیلئے اقدامات کئے جا رہے ہیں اور عوام کو ریلیف فراہم کیا جائے گا۔ حکومت نے کہا ہے کہ ملک میں امن و امان کی صورتحال بہتر بنانے کیلئے اقدامات کئے جا رہے ہیں اور عوام کو ریلیف فراہم کیا جائے گا۔ حکومت نے کہا ہے کہ ملک میں امن و امان کی صورتحال بہتر بنانے کیلئے اقدامات کئے جا رہے ہیں اور عوام کو ریلیف فراہم کیا جائے گا۔
جیسٹر 23
سپریم کورٹ
حکومت نے کہا ہے کہ ملک میں امن و امان کی صورتحال بہتر بنانے کیلئے اقدامات کئے جا رہے ہیں اور عوام کو ریلیف فراہم کیا جائے گا۔ حکومت نے کہا ہے کہ ملک میں امن و امان کی صورتحال بہتر بنانے کیلئے اقدامات کئے جا رہے ہیں اور عوام کو ریلیف فراہم کیا جائے گا۔ حکومت نے کہا ہے کہ ملک میں امن و امان کی صورتحال بہتر بنانے کیلئے اقدامات کئے جا رہے ہیں اور عوام کو ریلیف فراہم کیا جائے گا۔ حکومت نے کہا ہے کہ ملک میں امن و امان کی صورتحال بہتر بنانے کیلئے اقدامات کئے جا رہے ہیں اور عوام کو ریلیف فراہم کیا جائے گا۔ حکومت نے کہا ہے کہ ملک میں امن و امان کی صورتحال بہتر بنانے کیلئے اقدامات کئے جا رہے ہیں اور عوام کو ریلیف فراہم کیا جائے گا۔ حکومت نے کہا ہے کہ ملک میں امن و امان کی صورتحال بہتر بنانے کیلئے اقدامات کئے جا رہے ہیں اور عوام کو ریلیف فراہم کیا جائے گا۔ حکومت نے کہا ہے کہ ملک میں امن و امان کی صورتحال بہتر بنانے کیلئے اقدامات کئے جا رہے ہیں اور عوام کو ریلیف فراہم کیا جائے گا۔ حکومت نے کہا ہے کہ ملک میں امن و امان کی صورتحال بہتر بنانے کیلئے اقدامات کئے جا رہے ہیں اور عوام کو ریلیف فراہم کیا جائے گا۔ حکومت نے کہا ہے کہ ملک میں امن و امان کی صورتحال بہتر بنانے کیلئے اقدامات کئے جا رہے ہیں اور عوام کو ریلیف فراہم کیا جائے گا۔ حکومت نے کہا ہے کہ ملک میں امن و امان کی صورتحال بہتر بنانے کیلئے اقدامات کئے جا رہے ہیں اور عوام کو ریلیف فراہم کیا جائے گا۔ حکومت نے کہا ہے کہ ملک میں امن و امان کی صورتحال بہتر بنانے کیلئے اقدامات کئے جا رہے ہیں اور عوام کو ریلیف فراہم کیا جائے گا۔
حکومت نے کہا ہے کہ ملک میں امن و امان کی صورتحال بہتر بنانے کیلئے اقدامات کئے جا رہے ہیں اور عوام کو ریلیف فراہم کیا جائے گا۔ حکومت نے کہا ہے کہ ملک میں امن و امان کی صورتحال بہتر بنانے کیلئے اقدامات کئے جا رہے ہیں اور عوام کو ریلیف فراہم کیا جائے گا۔ حکومت نے کہا ہے کہ ملک میں امن و امان کی صورتحال بہتر بنانے کیلئے اقدامات کئے جا رہے ہیں اور عوام کو ریلیف فراہم کیا جائے گا۔ حکومت نے کہا ہے کہ ملک میں امن و امان کی صورتحال بہتر بنانے کیلئے اقدامات کئے جا رہے ہیں اور عوام کو ریلیف فراہم کیا جائے گا۔ حکومت نے کہا ہے کہ ملک میں امن و امان کی صورتحال بہتر بنانے کیلئے اقدامات کئے جا رہے ہیں اور عوام کو ریلیف فراہم کیا جائے گا۔ حکومت نے کہا ہے کہ ملک میں امن و امان کی صورتحال بہتر بنانے کیلئے اقدامات کئے جا رہے ہیں اور عوام کو ریلیف فراہم کیا جائے گا۔ حکومت نے کہا ہے کہ ملک میں امن و امان کی صورتحال بہتر بنانے کیلئے اقدامات کئے جا رہے ہیں اور عوام کو ریلیف فراہم کیا جائے گا۔
حکومت نے کہا ہے کہ ملک میں امن و امان کی صورتحال بہتر بنانے کیلئے اقدامات کئے جا رہے ہیں اور عوام کو ریلیف فراہم کیا جائے گا۔ حکومت نے کہا ہے کہ ملک میں امن و امان کی صورتحال بہتر بنانے کیلئے اقدامات کئے جا رہے ہیں اور عوام کو ریلیف فراہم کیا جائے گا۔ حکومت نے کہا ہے کہ ملک میں امن و امان کی صورتحال بہتر بنانے کیلئے اقدامات کئے جا رہے ہیں اور عوام کو ریلیف فراہم کیا جائے گا۔ حکومت نے کہا ہے کہ ملک میں امن و امان کی صورتحال بہتر بنانے کیلئے اقدامات کئے جا رہے ہیں اور عوام کو ریلیف فراہم کیا جائے گا۔ حکومت نے کہا ہے کہ ملک میں امن و امان کی صورتحال بہتر بنانے کیلئے اقدامات کئے جا رہے ہیں اور عوام کو ریلیف فراہم کیا جائے گا۔ حکومت نے کہا ہے کہ ملک میں امن و امان کی صورتحال بہتر بنانے کیلئے اقدامات کئے جا رہے ہیں اور عوام کو ریلیف فراہم کیا جائے گا۔ حکومت نے کہا ہے کہ ملک میں امن و امان کی صورتحال بہتر بنانے کیلئے اقدامات کئے جا رہے ہیں اور عوام کو ریلیف فراہم کیا جائے گا۔ حکومت نے کہا ہے کہ ملک میں امن و امان کی صورتحال بہتر بنانے کیلئے اقدامات کئے جا رہے ہیں اور عوام کو ریلیف فراہم کیا جائے گا۔ حکومت نے کہا ہے کہ ملک میں امن و امان کی صورتحال بہتر بنانے کیلئے اقدامات کئے جا رہے ہیں اور عوام کو ریلیف فراہم کیا جائے گا۔ حکومت نے کہا ہے کہ ملک میں امن و امان کی صورتحال بہتر بنانے کیلئے اقدامات کئے جا رہے ہیں اور عوام کو ریلیف فراہم کیا جائے گا۔ حکومت نے کہا ہے کہ ملک میں امن و امان کی صورتحال بہتر بنانے کیلئے اقدامات کئے جا رہے ہیں اور عوام کو ریلیف فراہم کیا جائے گا۔ حکومت نے کہا ہے کہ ملک میں امن و امان کی صورتحال بہتر بنانے کیلئے اقدامات کئے جا رہے ہیں اور عوام کو ریلیف فراہم کیا جائے گا۔ حکومت نے کہا ہے کہ ملک میں امن و امان کی صورتحال بہتر بنانے کیلئے اقدامات کئے جا رہے ہیں اور عوام کو ریلیف فراہم کیا جائے گا۔
جیسٹر 24
968 مقدمات
حکومت نے کہا ہے کہ ملک میں امن و امان کی صورتحال بہتر بنانے کیلئے اقدامات کئے جا رہے ہیں اور عوام کو ریلیف فراہم کیا جائے گا۔ حکومت نے کہا ہے کہ ملک میں امن و امان کی صورتحال بہتر بنانے کیلئے اقدامات کئے جا رہے ہیں اور عوام کو ریلیف فراہم کیا جائے گا۔ حکومت نے کہا ہے کہ ملک میں امن و امان کی صورتحال بہتر بنانے کیلئے اقدامات کئے جا رہے ہیں اور عوام کو ریلیف فراہم کیا جائے گا۔ حکومت نے کہا ہے کہ ملک میں امن و امان کی صورتحال بہتر بنانے کیلئے اقدامات کئے جا رہے ہیں اور عوام کو ریلیف فراہم کیا جائے گا۔ حکومت نے کہا ہے کہ ملک میں امن و امان کی صورتحال بہتر بنانے کیلئے اقدامات کئے جا رہے ہیں اور عوام کو ریلیف فراہم کیا جائے گا۔ حکومت نے کہا ہے کہ ملک میں امن و امان کی صورتحال بہتر بنانے کیلئے اقدامات کئے جا رہے ہیں اور عوام کو ریلیف فراہم کیا جائے گا۔ حکومت نے کہا ہے کہ ملک میں امن و امان کی صورتحال بہتر بنانے کیلئے اقدامات کئے جا رہے ہیں اور عوام کو ریلیف فراہم کیا جائے گا۔ حکومت نے کہا ہے کہ ملک میں امن و امان کی صورتحال بہتر بنانے کیلئے اقدامات کئے جا رہے ہیں اور عوام کو ریلیف فراہم کیا جائے گا۔ حکومت نے کہا ہے کہ ملک میں امن و امان کی صورتحال بہتر بنانے کیلئے اقدامات کئے جا رہے ہیں اور عوام کو ریلیف فراہم کیا جائے گا۔ حکومت نے کہا ہے کہ ملک میں امن و امان کی صورتحال بہتر بنانے کیلئے اقدامات کئے جا رہے ہیں اور عوام کو ریلیف فراہم کیا جائے گا۔
جیسٹر 25
تبادلے
حکومت نے کہا ہے کہ ملک میں امن و امان کی صورتحال بہتر بنانے کیلئے اقدامات کئے جا رہے ہیں اور عوام کو ریلیف فراہم کیا جائے گا۔ حکومت نے کہا ہے کہ ملک میں امن و امان کی صورتحال بہتر بنانے کیلئے اقدامات کئے جا رہے ہیں اور عوام کو ریلیف فراہم کیا جائے گا۔ حکومت نے کہا ہے کہ ملک میں امن و امان کی صورتحال بہتر بنانے کیلئے اقدامات کئے جا رہے ہیں اور عوام کو ریلیف فراہم کیا جائے گا۔ حکومت نے کہا ہے کہ ملک میں امن و امان کی صورتحال بہتر بنانے کیلئے اقدامات کئے جا رہے ہیں اور عوام کو ریلیف فراہم کیا جائے گا۔ حکومت نے کہا ہے کہ ملک میں امن و امان کی صورتحال بہتر بنانے کیلئے اقدامات کئے جا رہے ہیں اور عوام کو ریلیف فراہم کیا جائے گا۔ حکومت نے کہا ہے کہ ملک میں امن و امان کی صورتحال بہتر بنانے کیلئے اقدامات کئے جا رہے ہیں اور عوام کو ریلیف فراہم کیا جائے گا۔ حکومت نے کہا ہے کہ ملک میں امن و امان کی صورتحال بہتر بنانے کیلئے اقدامات کئے جا رہے ہیں اور عوام کو ریلیف فراہم کیا جائے گا۔ حکومت نے کہا ہے کہ ملک میں امن و امان کی صورتحال بہتر بنانے کیلئے اقدامات کئے جا رہے ہیں اور عوام کو ریلیف فراہم کیا جائے گا۔ حکومت نے کہا ہے کہ ملک میں امن و امان کی صورتحال بہتر بنانے کیلئے اقدامات کئے جا رہے ہیں اور عوام کو ریلیف فراہم کیا جائے گا۔
جیسٹر 26
فیصلہ
حکومت نے کہا ہے کہ ملک میں امن و امان کی صورتحال بہتر بنانے کیلئے اقدامات کئے جا رہے ہیں اور عوام کو ریلیف فراہم کیا جائے گا۔ حکومت نے کہا ہے کہ ملک میں امن و امان کی صورتحال بہتر بنانے کیلئے اقدامات کئے جا رہے ہیں اور عوام کو ریلیف فراہم کیا جائے گا۔ حکومت نے کہا ہے کہ ملک میں امن و امان کی صورتحال بہتر بنانے کیلئے اقدامات کئے جا رہے ہیں اور عوام کو ریلیف فراہم کیا جائے گا۔ حکومت نے کہا ہے کہ ملک میں امن و امان کی صورتحال بہتر بنانے کیلئے اقدامات کئے جا رہے ہیں اور عوام کو ریلیف فراہم کیا جائے گا۔ حکومت نے کہا ہے کہ ملک میں امن و امان کی صورتحال بہتر بنانے کیلئے اقدامات کئے جا رہے ہیں اور عوام کو ریلیف فراہم کیا جائے گا۔ حکومت نے کہا ہے کہ ملک میں امن و امان کی صورتحال بہتر بنانے کیلئے اقدامات کئے جا رہے ہیں اور عوام کو ریلیف فراہم کیا جائے گا۔ حکومت نے کہا ہے کہ ملک میں امن و امان کی صورتحال بہتر بنانے کیلئے اقدامات کئے جا رہے ہیں اور عوام کو ریلیف فراہم کیا جائے گا۔ حکومت نے کہا ہے کہ ملک میں امن و امان کی صورتحال بہتر بنانے کیلئے اقدامات کئے جا رہے ہیں اور عوام کو ریلیف فراہم کیا جائے گا۔ حکومت نے کہا ہے کہ ملک میں امن و امان کی صورتحال بہتر بنانے کیلئے اقدامات کئے جا رہے ہیں اور عوام کو ریلیف فراہم کیا جائے گا۔ حکومت نے کہا ہے کہ ملک میں امن و امان کی صورتحال بہتر بنانے کیلئے اقدامات کئے جا رہے ہیں اور عوام کو ریلیف فراہم کیا جائے گا۔ حکومت نے کہا ہے کہ ملک میں امن و امان کی صورتحال بہتر بنانے کیلئے اقدامات کئے جا رہے ہیں اور عوام کو ریلیف فراہم کیا جائے گا۔
جیسٹر 27
ملاقات
حکومت نے کہا ہے کہ ملک میں امن و امان کی صورتحال بہتر بنانے کیلئے اقدامات کئے جا رہے ہیں اور عوام کو ریلیف فراہم کیا جائے گا۔ حکومت نے کہا ہے کہ ملک میں امن و امان کی صورتحال بہتر بنانے کیلئے اقدامات کئے جا رہے ہیں اور عوام کو ریلیف فراہم کیا جائے گا۔ حکومت نے کہا ہے کہ ملک میں امن و امان کی صورتحال بہتر بنانے کیلئے اقدامات کئے جا رہے ہیں اور عوام کو ریلیف فراہم کیا جائے گا۔ حکومت نے کہا ہے کہ ملک میں امن و امان کی صورتحال بہتر بنانے کیلئے اقدامات کئے جا رہے ہیں اور عوام کو ریلیف فراہم کیا جائے گا۔ حکومت نے کہا ہے کہ ملک میں امن و امان کی صورتحال بہتر بنانے کیلئے اقدامات کئے جا رہے ہیں اور عوام کو ریلیف فراہم کیا جائے گا۔ حکومت نے کہا ہے کہ ملک میں امن و امان کی صورتحال بہتر بنانے کیلئے اقدامات کئے جا رہے ہیں اور عوام کو ریلیف فراہم کیا جائے گا۔ حکومت نے کہا ہے کہ ملک میں امن و امان کی صورتحال بہتر بنانے کیلئے اقدامات کئے جا رہے ہیں اور عوام کو ریلیف فراہم کیا جائے گا۔
جیسٹر 28
بلوچستان
حکومت نے کہا ہے کہ ملک میں امن و امان کی صورتحال بہتر بنانے کیلئے اقدامات کئے جا رہے ہیں اور عوام کو ریلیف فراہم کیا جائے گا۔ حکومت نے کہا ہے کہ ملک میں امن و امان کی صورتحال بہتر بنانے کیلئے اقدامات کئے جا رہے ہیں اور عوام کو ریلیف فراہم کیا جائے گا۔ حکومت نے کہا ہے کہ ملک میں امن و امان کی صورتحال بہتر بنانے کیلئے اقدامات کئے جا رہے ہیں اور عوام کو ریلیف فراہم کیا جائے گا۔ حکومت نے کہا ہے کہ ملک میں امن و امان کی صورتحال بہتر بنانے کیلئے اقدامات کئے جا رہے ہیں اور عوام کو ریلیف فراہم کیا جائے گا۔ حکومت نے کہا ہے کہ ملک میں امن و امان کی صورتحال بہتر بنانے کیلئے اقدامات کئے جا رہے ہیں اور عوام کو ریلیف فراہم کیا جائے گا۔ حکومت نے کہا ہے کہ ملک میں امن و امان کی صورتحال بہتر بنانے کیلئے اقدامات کئے جا رہے ہیں اور عوام کو ریلیف فراہم کیا جائے گا۔ حکومت نے کہا ہے کہ ملک میں امن و امان کی صورتحال بہتر بنانے کیلئے اقدامات کئے جا رہے ہیں اور عوام کو ریلیف فراہم کیا جائے گا۔ حکومت نے کہا ہے کہ ملک میں امن و امان کی صورتحال بہتر بنانے کیلئے اقدامات کئے جا رہے ہیں اور عوام کو ریلیف فراہم کیا جائے گا۔ حکومت نے کہا ہے کہ ملک میں امن و امان کی صورتحال بہتر بنانے کیلئے اقدامات کئے جا رہے ہیں اور عوام کو ریلیف فراہم کیا جائے گا۔
حکومت نے کہا ہے کہ ملک میں امن و امان کی صورتحال بہتر بنانے کیلئے اقدامات کئے جا رہے ہیں اور عوام کو ریلیف فراہم کیا جائے گا۔ حکومت نے کہا ہے کہ ملک میں امن و امان کی صورتحال بہتر بنانے کیلئے اقدامات کئے جا رہے ہیں اور عوام کو ریلیف فراہم کیا جائے گا۔ حکومت نے کہا ہے کہ ملک میں امن و امان کی صورتحال بہتر بنانے کیلئے اقدامات کئے جا رہے ہیں اور عوام کو ریلیف فراہم کیا جائے گا۔ حکومت نے کہا ہے کہ ملک میں امن و امان کی صورتحال بہتر بنانے کیلئے اقدامات کئے جا رہے ہیں اور عوام کو ریلیف فراہم کیا جائے گا۔ حکومت نے کہا ہے کہ ملک میں امن و امان کی صورتحال بہتر بنانے کیلئے اقدامات کئے جا رہے ہیں اور عوام کو ریلیف فراہم کیا جائے گا۔ حکومت نے کہا ہے کہ ملک میں امن و امان کی صورتحال بہتر بنانے کیلئے اقدامات کئے جا رہے ہیں اور عوام کو ریلیف فراہم کیا جائے گا۔ حکومت نے کہا ہے کہ ملک میں امن و امان کی صورتحال بہتر بنانے کیلئے اقدامات کئے جا رہے ہیں اور عوام کو ریلیف فراہم کیا جائے گا۔ حکومت نے کہا ہے کہ ملک میں امن و امان کی صورتحال بہتر بنانے کیلئے اقدامات کئے جا رہے ہیں اور عوام کو ریلیف فراہم کیا جائے گا۔ حکومت نے کہا ہے کہ ملک میں امن و امان کی صورتحال بہتر بنانے کیلئے اقدامات کئے جا رہے ہیں اور عوام کو ریلیف فراہم کیا جائے گا۔
جیسٹر 29
ٹارگٹ
حکومت نے کہا ہے کہ ملک میں امن و امان کی صورتحال بہتر بنانے کیلئے اقدامات کئے جا رہے ہیں اور عوام کو ریلیف فراہم کیا جائے گا۔ حکومت نے کہا ہے کہ ملک میں امن و امان کی صورتحال بہتر بنانے کیلئے اقدامات کئے جا رہے ہیں اور عوام کو ریلیف فراہم کیا جائے گا۔ حکومت نے کہا ہے کہ ملک میں امن و امان کی صورتحال بہتر بنانے کیلئے اقدامات کئے جا رہے ہیں اور عوام کو ریلیف فراہم کیا جائے گا۔ حکومت نے کہا ہے کہ ملک میں امن و امان کی صورتحال بہتر بنانے کیلئے اقدامات کئے جا رہے ہیں اور عوام کو ریلیف فراہم کیا جائے گا۔ حکومت نے کہا ہے کہ ملک میں امن و امان کی صورتحال بہتر بنانے کیلئے اقدامات کئے جا رہے ہیں اور عوام کو ریلیف فراہم کیا جائے گا۔ حکومت نے کہا ہے کہ ملک میں امن و امان کی صورتحال بہتر بنانے کیلئے اقدامات کئے جا رہے ہیں اور عوام کو ریلیف فراہم کیا جائے گا۔ حکومت نے کہا ہے کہ ملک میں امن و امان کی صورتحال بہتر بنانے کیلئے اقدامات کئے جا رہے ہیں اور عوام کو ریلیف فراہم کیا جائے گا۔ حکومت نے کہا ہے کہ ملک میں امن و امان کی صورتحال بہتر بنانے کیلئے اقدامات کئے جا رہے ہیں اور عوام کو ریلیف فراہم کیا جائے گا۔ حکومت نے کہا ہے کہ ملک میں امن و امان کی صورتحال بہتر بنانے کیلئے اقدامات کئے جا رہے ہیں اور عوام کو ریلیف فراہم کیا جائے گا۔
جیسٹر 30
امریکہ
حکومت نے کہا ہے کہ ملک میں امن و امان کی صورتحال بہتر بنانے کیلئے اقدامات کئے جا رہے ہیں اور عوام کو ریلیف فراہم کیا جائے گا۔ حکومت نے کہا ہے کہ ملک میں امن و امان کی صورتحال بہتر بنانے کیلئے اقدامات کئے جا رہے ہیں اور عوام کو ریلیف فراہم کیا جائے گا۔ حکومت نے کہا ہے کہ ملک میں امن و امان کی صورتحال بہتر بنانے کیلئے اقدامات کئے جا رہے ہیں اور عوام کو ریلیف فراہم کیا جائے گا۔ حکومت نے کہا ہے کہ ملک میں امن و امان کی صورتحال بہتر بنانے کیلئے اقدامات کئے جا رہے ہیں اور عوام کو ریلیف فراہم کیا جائے گا۔ حکومت نے کہا ہے کہ ملک میں امن و امان کی صورتحال بہتر بنانے کیلئے اقدامات کئے جا رہے ہیں اور عوام کو ریلیف فراہم کیا جائے گا۔ حکومت نے کہا ہے کہ ملک میں امن و امان کی صورتحال بہتر بنانے کیلئے اقدامات کئے جا رہے ہیں اور عوام کو ریلیف فراہم کیا جائے گا۔ حکومت نے کہا ہے کہ ملک میں امن و امان کی صورتحال بہتر بنانے کیلئے اقدامات کئے جا رہے ہیں اور عوام کو ریلیف فراہم کیا جائے گا۔ حکومت نے کہا ہے کہ ملک میں امن و امان کی صورتحال بہتر بنانے کیلئے اقدامات کئے جا رہے ہیں اور عوام کو ریلیف فراہم کیا جائے گا۔ حکومت نے کہا ہے کہ ملک میں امن و امان کی صورتحال بہتر بنانے کیلئے اقدامات کئے جا رہے ہیں اور عوام کو ریلیف فراہم کیا جائے گا۔ حکومت نے کہا ہے کہ ملک میں امن و امان کی صورتحال بہتر بنانے کیلئے اقدامات کئے جا رہے ہیں اور عوام کو ریلیف فراہم کیا جائے گا۔ حکومت نے کہا ہے کہ ملک میں امن و امان کی صورتحال بہتر بنانے کیلئے اقدامات کئے جا رہے ہیں اور عوام کو ریلیف فراہم کیا جائے گا۔
جیسٹر 31
جامعہ کراچی
حکومت نے کہا ہے کہ ملک میں امن و امان کی صورتحال بہتر بنانے کیلئے اقدامات کئے جا رہے ہیں اور عوام کو ریلیف فراہم کیا جائے گا۔ حکومت نے کہا ہے کہ ملک میں امن و امان کی صورتحال بہتر بنانے کیلئے اقدامات کئے جا رہے ہیں اور عوام کو ریلیف فراہم کیا جائے گا۔ حکومت نے کہا ہے کہ ملک میں امن و امان کی صورتحال بہتر بنانے کیلئے اقدامات کئے جا رہے ہیں اور عوام کو ریلیف فراہم کیا جائے گا۔ حکومت نے کہا ہے کہ ملک میں امن و امان کی صورتحال بہتر بنانے کیلئے اقدامات کئے جا رہے ہیں اور عوام کو ریلیف فراہم کیا جائے گا۔ حکومت نے کہا ہے کہ ملک میں امن و امان کی صورتحال بہتر بنانے کیلئے اقدامات کئے جا رہے ہیں اور عوام کو ریلیف فراہم کیا جائے گا۔ حکومت نے کہا ہے کہ ملک میں امن و امان کی صورتحال بہتر بنانے کیلئے اقدامات کئے جا رہے ہیں اور عوام کو ریلیف فراہم کیا جائے گا۔ حکومت نے کہا ہے کہ ملک میں امن و امان کی صورتحال بہتر بنانے کیلئے اقدامات کئے جا رہے ہیں اور عوام کو ریلیف فراہم کیا جائے گا۔
جیسٹر 32
ایران
حکومت نے کہا ہے کہ ملک میں امن و امان کی صورتحال بہتر بنانے کیلئے اقدامات کئے جا رہے ہیں اور عوام کو ریلیف فراہم کیا جائے گا۔ حکومت نے کہا ہے کہ ملک میں امن و امان کی صورتحال بہتر بنانے کیلئے اقدامات کئے جا رہے ہیں اور عوام کو ریلیف فراہم کیا جائے گا۔ حکومت نے کہا ہے کہ ملک میں امن و امان کی صورتحال بہتر بنانے کیلئے اقدامات کئے جا رہے ہیں اور عوام کو ریلیف فراہم کیا جائے گا۔ حکومت نے کہا ہے کہ ملک میں امن و امان کی صورتحال بہتر بنانے کیلئے اقدامات کئے جا رہے ہیں اور عوام کو ریلیف فراہم کیا جائے گا۔ حکومت نے کہا ہے کہ ملک میں امن و امان کی صورتحال بہتر بنانے کیلئے اقدامات کئے جا رہے ہیں اور عوام کو ریلیف فراہم کیا جائے گا۔ حکومت نے کہا ہے کہ ملک میں امن و امان کی صورتحال بہتر بنانے کیلئے اقدامات کئے جا رہے ہیں اور عوام کو ریلیف فراہم کیا جائے گا۔ حکومت نے کہا ہے کہ ملک میں امن و امان کی صورتحال بہتر بنانے کیلئے اقدامات کئے جا رہے ہیں اور عوام کو ریلیف فراہم کیا جائے گا۔ حکومت نے کہا ہے کہ ملک میں امن و امان کی صورتحال بہتر بنانے کیلئے اقدامات کئے جا رہے ہیں اور عوام کو ریلیف فراہم کیا جائے گا۔
جیسٹر 33
اسرائیل
حکومت نے کہا ہے کہ ملک میں امن و امان کی صورتحال بہتر بنانے کیلئے اقدامات کئے جا رہے ہیں اور عوام کو ریلیف فراہم کیا جائے گا۔ حکومت نے کہا ہے کہ ملک میں امن و امان کی صورتحال بہتر بنانے کیلئے اقدامات کئے جا رہے ہیں اور عوام کو ریلیف فراہم کیا جائے گا۔ حکومت نے کہا ہے کہ ملک میں امن و امان کی صورتحال بہتر بنانے کیلئے اقدامات کئے جا رہے ہیں اور عوام کو ریلیف فراہم کیا جائے گا۔
حکومت نے کہا ہے کہ ملک میں امن و امان کی صورتحال بہتر بنانے کیلئے اقدامات کئے جا رہے ہیں اور عوام کو ریلیف فراہم کیا جائے گا۔ حکومت نے کہا ہے کہ ملک میں امن و امان کی صورتحال بہتر بنانے کیلئے اقدامات کئے جا رہے ہیں اور عوام کو ریلیف فراہم کیا جائے گا۔ حکومت نے کہا ہے کہ ملک میں امن و امان کی صورتحال بہتر بنانے کیلئے اقدامات کئے جا رہے ہیں اور عوام کو ریلیف فراہم کیا جائے گا۔ حکومت نے کہا ہے کہ ملک میں امن و امان کی صورتحال بہتر بنانے کیلئے اقدامات کئے جا رہے ہیں اور عوام کو ریلیف فراہم کیا جائے گا۔ حکومت نے کہا ہے کہ ملک میں امن و امان کی صورتحال بہتر بنانے کیلئے اقدامات کئے جا رہے ہیں اور عوام کو ریلیف فراہم کیا جائے گا۔ حکومت نے کہا ہے کہ ملک میں امن و امان کی صورتحال بہتر بنانے کیلئے اقدامات کئے جا رہے ہیں اور عوام کو ریلیف فراہم کیا جائے گا۔ حکومت نے کہا ہے کہ ملک میں امن و امان کی صورتحال بہتر بنانے کیلئے اقدامات کئے جا رہے ہیں اور عوام کو ریلیف فراہم کیا جائے گا۔ حکومت نے کہا ہے کہ ملک میں امن و امان کی صورتحال بہتر بنانے کیلئے اقدامات کئے جا رہے ہیں اور عوام کو ریلیف فراہم کیا جائے گا۔ حکومت نے کہا ہے کہ ملک میں امن و امان کی صورتحال بہتر بنانے کیلئے اقدامات کئے جا رہے ہیں اور عوام کو ریلیف فراہم کیا جائے گا۔ حکومت نے کہا ہے کہ ملک میں امن و امان کی صورتحال بہتر بنانے کیلئے اقدامات کئے جا رہے ہیں اور عوام کو ریلیف فراہم کیا جائے گا۔ حکومت نے کہا ہے کہ ملک میں امن و امان کی صورتحال بہتر بنانے کیلئے اقدامات کئے جا رہے ہیں اور عوام کو ریلیف فراہم کیا جائے گا۔
جیسٹر 34
19 اکتوبر
حکومت نے کہا ہے کہ ملک میں امن و امان کی صورتحال بہتر بنانے کیلئے اقدامات کئے جا رہے ہیں اور عوام کو ریلیف فراہم کیا جائے گا۔ حکومت نے کہا ہے کہ ملک میں امن و امان کی صورتحال بہتر بنانے کیلئے اقدامات کئے جا رہے ہیں اور عوام کو ریلیف فراہم کیا جائے گا۔
جیسٹر 35
بیان
حکومت نے کہا ہے کہ ملک میں امن و امان کی صورتحال بہتر بنانے کیلئے اقدامات کئے جا رہے ہیں اور عوام کو ریلیف فراہم کیا جائے گا۔
جیسٹر 36
سوال
حکومت نے کہا ہے کہ ملک میں امن و امان کی صورتحال بہتر بنانے کیلئے اقدامات کئے جا رہے ہیں اور عوام کو ریلیف فراہم کیا جائے گا۔ حکومت نے کہا ہے کہ ملک میں امن و امان کی صورتحال بہتر بنانے کیلئے اقدامات کئے جا رہے ہیں اور عوام کو ریلیف فراہم کیا جائے گا۔ حکومت نے کہا ہے کہ ملک میں امن و امان کی صورتحال بہتر بنانے کیلئے اقدامات کئے جا رہے ہیں اور عوام کو ریلیف فراہم کیا جائے گا۔ حکومت نے کہا ہے کہ ملک میں امن و امان کی صورتحال بہتر بنانے کیلئے اقدامات کئے جا رہے ہیں اور عوام کو ریلیف فراہم کیا جائے گا۔ حکومت نے کہا ہے کہ ملک میں امن و امان کی صورتحال بہتر بنانے کیلئے اقدامات کئے جا رہے ہیں اور عوام کو ریلیف فراہم کیا جائے گا۔ حکومت نے کہا ہے کہ ملک میں امن و امان کی صورتحال بہتر بنانے کیلئے اقدامات کئے جا رہے ہیں اور عوام کو ریلیف فراہم کیا جائے گا۔ حکومت نے کہا ہے کہ ملک میں امن و امان کی صورتحال بہتر بنانے کیلئے اقدامات کئے جا رہے ہیں اور عوام کو ریلیف فراہم کیا جائے گا۔ حکومت نے کہا ہے کہ ملک میں امن و امان کی صورتحال بہتر بنانے کیلئے اقدامات کئے جا رہے ہیں اور عوام کو ریلیف فراہم کیا جائے گا۔ حکومت نے کہا ہے کہ ملک میں امن و امان کی صورتحال بہتر بنانے کیلئے اقدامات کئے جا رہے ہیں اور عوام کو ریلیف فراہم کیا جائے گا۔ حکومت نے کہا ہے کہ ملک میں امن و امان کی صورتحال بہتر بنانے کیلئے اقدامات کئے جا رہے ہیں اور عوام کو ریلیف فراہم کیا جائے گا۔
جیسٹر 37
حکومت
حکومت نے کہا ہے کہ ملک میں امن و امان کی صورتحال بہتر بنانے کیلئے اقدامات کئے جا رہے ہیں اور عوام کو ریلیف فراہم کیا جائے گا۔ حکومت نے کہا ہے کہ ملک میں امن و امان کی صورتحال بہتر بنانے کیلئے اقدامات کئے جا رہے ہیں اور عوام کو ریلیف فراہم کیا جائے گا۔ حکومت نے کہا ہے کہ ملک میں امن و امان کی صورتحال بہتر بنانے کیلئے اقدامات کئے جا رہے ہیں اور عوام کو ریلیف فراہم کیا جائے گا۔ حکومت نے کہا ہے کہ ملک میں امن و امان کی صورتحال بہتر بنانے کیلئے اقدامات کئے جا رہے ہیں اور عوام کو ریلیف فراہم کیا جائے گا۔ حکومت نے کہا ہے کہ ملک میں امن و امان کی صورتحال بہتر بنانے کیلئے اقدامات کئے جا رہے ہیں اور عوام کو ریلیف فراہم کیا جائے گا۔ حکومت نے کہا ہے کہ ملک میں امن و امان کی صورتحال بہتر بنانے کیلئے اقدامات کئے جا رہے ہیں اور عوام کو ریلیف فراہم کیا جائے گا۔ حکومت نے کہا ہے کہ ملک میں امن و امان کی صورتحال بہتر بنانے کیلئے اقدامات کئے جا رہے ہیں اور عوام کو ریلیف فراہم کیا جائے گا۔ حکومت نے کہا ہے کہ ملک میں امن و امان کی صورتحال بہتر بنانے کیلئے اقدامات کئے جا رہے ہیں اور عوام کو ریلیف فراہم کیا جائے گا۔
جیسٹر 38
ڈاکٹر
حکومت نے کہا ہے کہ ملک میں امن و امان کی صورتحال بہتر بنانے کیلئے اقدامات کئے جا رہے ہیں اور عوام کو ریلیف فراہم کیا جائے گا۔ حکومت نے کہا ہے کہ ملک میں امن و امان کی صورتحال بہتر بنانے کیلئے اقدامات کئے جا رہے ہیں اور عوام کو ریلیف فراہم کیا جائے گا۔ حکومت نے کہا ہے کہ ملک میں امن و امان کی صورتحال بہتر بنانے کیلئے اقدامات کئے جا رہے ہیں اور عوام کو ریلیف فراہم کیا جائے گا۔ حکومت نے کہا ہے کہ ملک میں امن و امان کی صورتحال بہتر بنانے کیلئے اقدامات کئے جا رہے ہیں اور عوام کو ریلیف فراہم کیا جائے گا۔ حکومت نے کہا ہے کہ ملک میں امن و امان کی صورتحال بہتر بنانے کیلئے اقدامات کئے جا رہے ہیں اور عوام کو ریلیف فراہم کیا جائے گا۔ حکومت نے کہا ہے کہ ملک میں امن و امان کی صورتحال بہتر بنانے کیلئے اقدامات کئے جا رہے ہیں اور عوام کو ریلیف فراہم کیا جائے گا۔ حکومت نے کہا ہے کہ ملک میں امن و امان کی صورتحال بہتر بنانے کیلئے اقدامات کئے جا رہے ہیں اور عوام کو ریلیف فراہم کیا جائے گا۔ حکومت نے کہا ہے کہ ملک میں امن و امان کی صورتحال بہتر بنانے کیلئے اقدامات کئے جا رہے ہیں اور عوام کو ریلیف فراہم کیا جائے گا۔ حکومت نے کہا ہے کہ ملک میں امن و امان کی صورتحال بہتر بنانے کیلئے اقدامات کئے جا رہے ہیں اور عوام کو ریلیف فراہم کیا جائے گا۔ حکومت نے کہا ہے کہ ملک میں امن و امان کی صورتحال بہتر بنانے کیلئے اقدامات کئے جا رہے ہیں اور عوام کو ریلیف فراہم کیا جائے گا۔ حکومت نے کہا ہے کہ ملک میں امن و امان کی صورتحال بہتر بنانے کیلئے اقدامات کئے جا رہے ہیں اور عوام کو ریلیف فراہم کیا جائے گا۔
جیسٹر 39
تقریب
حکومت نے کہا ہے کہ ملک میں امن و امان کی صورتحال بہتر بنانے کیلئے اقدامات کئے جا رہے ہیں اور عوام کو ریلیف فراہم کیا جائے گا۔ حکومت نے کہا ہے کہ ملک میں امن و امان کی صورتحال بہتر بنانے کیلئے اقدامات کئے جا رہے ہیں اور عوام کو ریلیف فراہم کیا جائے گا۔ حکومت نے کہا ہے کہ ملک میں امن و امان کی صورتحال بہتر بنانے کیلئے اقدامات کئے جا رہے ہیں اور عوام کو ریلیف فراہم کیا جائے گا۔ حکومت نے کہا ہے کہ ملک میں امن و امان کی صورتحال بہتر بنانے کیلئے اقدامات کئے جا رہے ہیں اور عوام کو ریلیف فراہم کیا جائے گا۔ حکومت نے کہا ہے کہ ملک میں امن و امان کی صورتحال بہتر بنانے کیلئے اقدامات کئے جا رہے ہیں اور عوام کو ریلیف فراہم کیا جائے گا۔ حکومت نے کہا ہے کہ ملک میں امن و امان کی صورتحال بہتر بنانے کیلئے اقدامات کئے جا رہے ہیں اور عوام کو ریلیف فراہم کیا جائے گا۔ حکومت نے کہا ہے کہ ملک میں امن و امان کی صورتحال بہتر بنانے کیلئے اقدامات کئے جا رہے ہیں اور عوام کو ریلیف فراہم کیا جائے گا۔ حکومت نے کہا ہے کہ ملک میں امن و امان کی صورتحال بہتر بنانے کیلئے اقدامات کئے جا رہے ہیں اور عوام کو ریلیف فراہم کیا جائے گا۔ حکومت نے کہا ہے کہ ملک میں امن و امان کی صورتحال بہتر بنانے کیلئے اقدامات کئے جا رہے ہیں اور عوام کو ریلیف فراہم کیا جائے گا۔ حکومت نے کہا ہے کہ ملک میں امن و امان کی صورتحال بہتر بنانے کیلئے اقدامات کئے جا رہے ہیں اور عوام کو ریلیف فراہم کیا جائے گا۔ حکومت نے کہا ہے کہ ملک میں امن و امان کی صورتحال بہتر بنانے کیلئے اقدامات کئے جا رہے ہیں اور عوام کو ریلیف فراہم کیا جائے گا۔ حکومت نے کہا ہے کہ ملک میں امن و امان کی صورتحال بہتر بنانے کیلئے اقدامات کئے جا رہے ہیں اور عوام کو ریلیف فراہم کیا جائے گا۔
